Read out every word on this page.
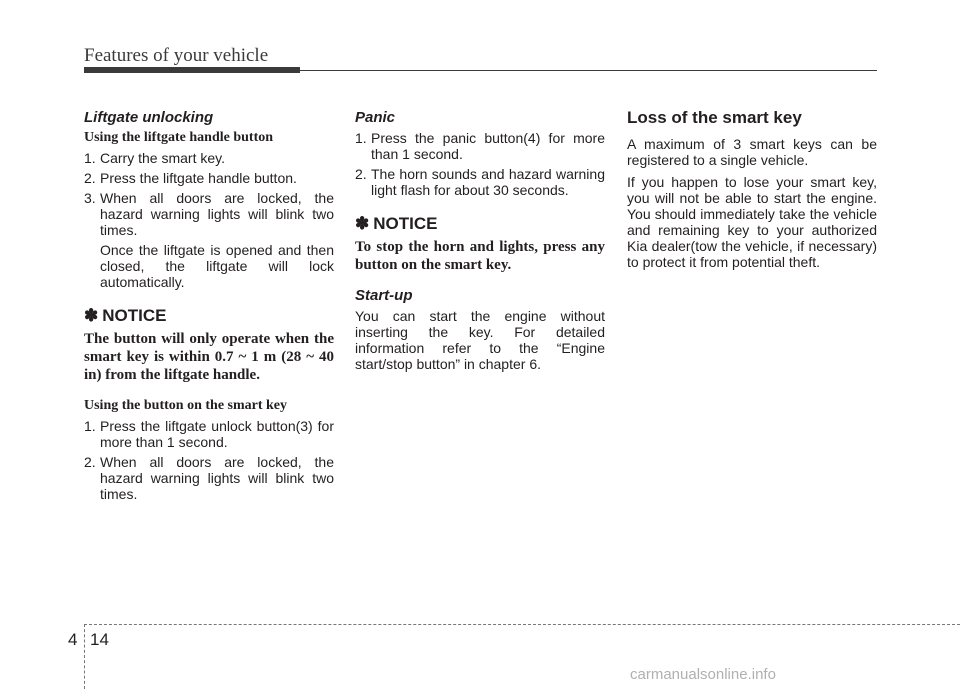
Features of your vehicle

Liftgate unlocking

Using the liftgate handle button

1. Carry the smart key.
2. Press the liftgate handle button.
3. When all doors are locked, the hazard warning lights will blink two times.

Once the liftgate is opened and then closed, the liftgate will lock automatically.

✽ NOTICE

The button will only operate when the smart key is within 0.7 ~ 1 m (28 ~ 40 in) from the liftgate handle.

Using the button on the smart key

1. Press the liftgate unlock button(3) for more than 1 second.
2. When all doors are locked, the hazard warning lights will blink two times.

Panic

1. Press the panic button(4) for more than 1 second.
2. The horn sounds and hazard warning light flash for about 30 seconds.
✽ NOTICE

To stop the horn and lights, press any button on the smart key.

Start-up

You can start the engine without inserting the key. For detailed information refer to the “Engine start/stop button” in chapter 6.

Loss of the smart key

A maximum of 3 smart keys can be registered to a single vehicle.

If you happen to lose your smart key, you will not be able to start the engine. You should immediately take the vehicle and remaining key to your authorized Kia dealer(tow the vehicle, if necessary) to protect it from potential theft.

4 14
carmanualsonline.info
